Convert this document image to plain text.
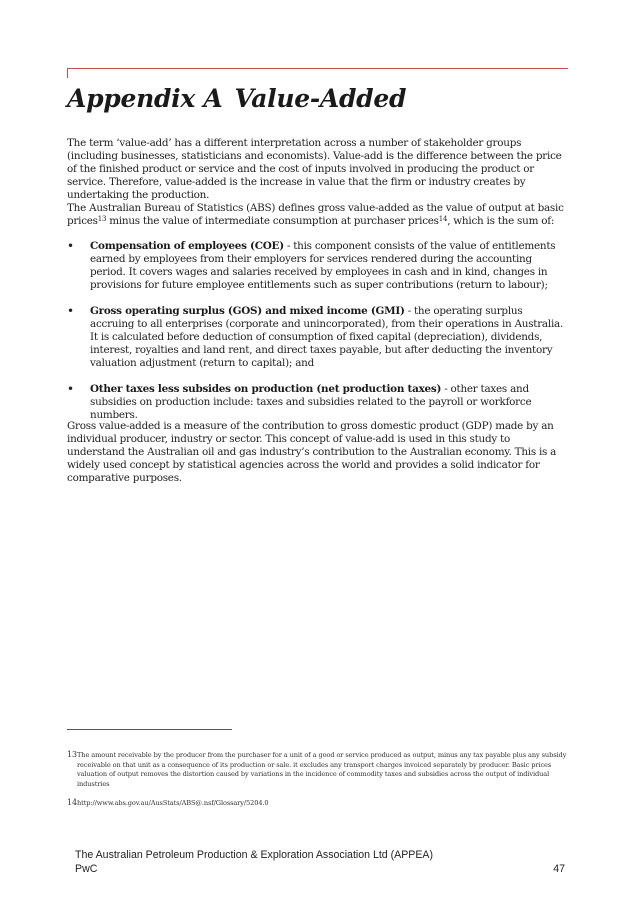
Appendix A Value-Added

The term ‘value-add’ has a different interpretation across a number of stakeholder groups (including businesses, statisticians and economists). Value-add is the difference between the price of the finished product or service and the cost of inputs involved in producing the product or service. Therefore, value-added is the increase in value that the firm or industry creates by undertaking the production.

The Australian Bureau of Statistics (ABS) defines gross value-added as the value of output at basic prices$^{13}$ minus the value of intermediate consumption at purchaser prices$^{14}$, which is the sum of:

• Compensation of employees (COE) - this component consists of the value of entitlements earned by employees from their employers for services rendered during the accounting period. It covers wages and salaries received by employees in cash and in kind, changes in provisions for future employee entitlements such as super contributions (return to labour);
• Gross operating surplus (GOS) and mixed income (GMI) - the operating surplus accruing to all enterprises (corporate and unincorporated), from their operations in Australia. It is calculated before deduction of consumption of fixed capital (depreciation), dividends, interest, royalties and land rent, and direct taxes payable, but after deducting the inventory valuation adjustment (return to capital); and
• Other taxes less subsides on production (net production taxes) - other taxes and subsidies on production include: taxes and subsidies related to the payroll or workforce numbers.

Gross value-added is a measure of the contribution to gross domestic product (GDP) made by an individual producer, industry or sector. This concept of value-add is used in this study to understand the Australian oil and gas industry’s contribution to the Australian economy. This is a widely used concept by statistical agencies across the world and provides a solid indicator for comparative purposes.

13 The amount receivable by the producer from the purchaser for a unit of a good or service produced as output, minus any tax payable plus any subsidy receivable on that unit as a consequence of its production or sale. it excludes any transport charges invoiced separately by producer. Basic prices valuation of output removes the distortion caused by variations in the incidence of commodity taxes and subsidies across the output of individual industries
14 http://www.abs.gov.au/AusStats/ABS@.nsf/Glossary/5204.0
The Australian Petroleum Production & Exploration Association Ltd (APPEA)
PwC	47
